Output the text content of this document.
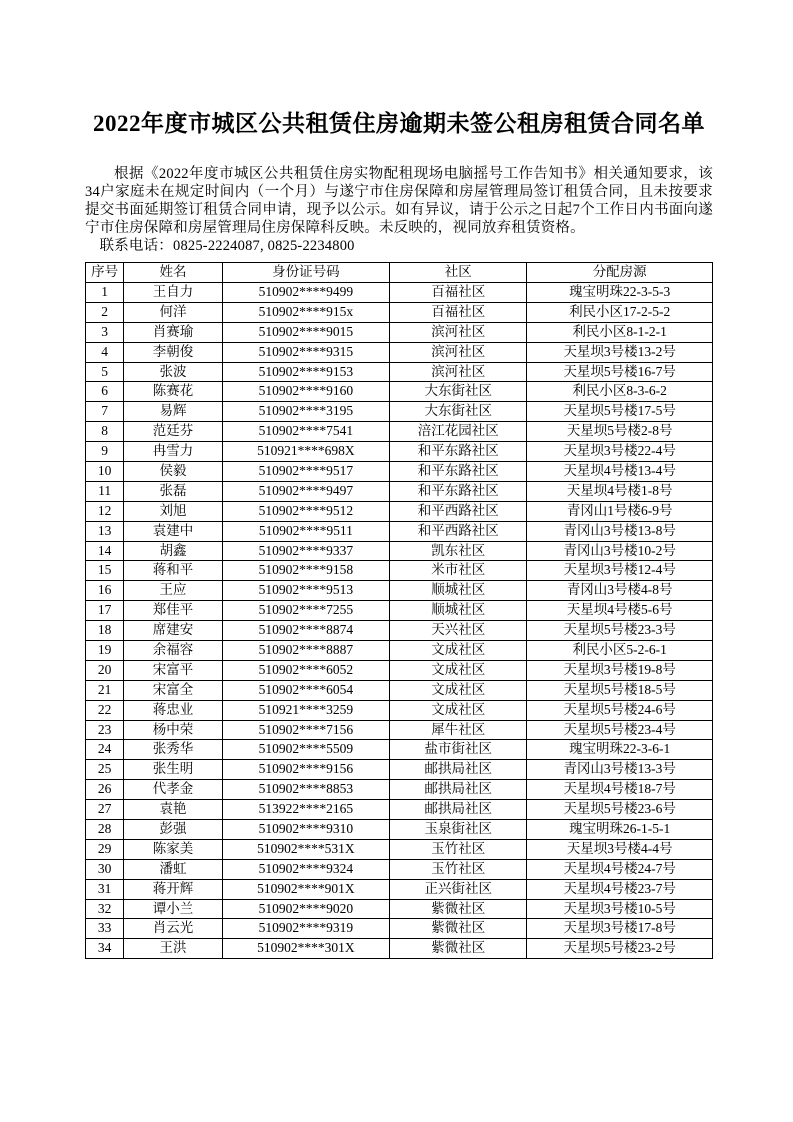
2022年度市城区公共租赁住房逾期未签公租房租赁合同名单

根据《2022年度市城区公共租赁住房实物配租现场电脑摇号工作告知书》相关通知要求，该34户家庭未在规定时间内（一个月）与遂宁市住房保障和房屋管理局签订租赁合同，且未按要求提交书面延期签订租赁合同申请，现予以公示。如有异议，请于公示之日起7个工作日内书面向遂宁市住房保障和房屋管理局住房保障科反映。未反映的，视同放弃租赁资格。

联系电话：0825-2224087, 0825-2234800

序号	姓名	身份证号码	社区	分配房源
1	王自力	510902****9499	百福社区	瑰宝明珠22-3-5-3
2	何洋	510902****915x	百福社区	利民小区17-2-5-2
3	肖赛瑜	510902****9015	滨河社区	利民小区8-1-2-1
4	李朝俊	510902****9315	滨河社区	天星坝3号楼13-2号
5	张波	510902****9153	滨河社区	天星坝5号楼16-7号
6	陈赛花	510902****9160	大东街社区	利民小区8-3-6-2
7	易辉	510902****3195	大东街社区	天星坝5号楼17-5号
8	范廷芬	510902****7541	涪江花园社区	天星坝5号楼2-8号
9	冉雪力	510921****698X	和平东路社区	天星坝3号楼22-4号
10	侯毅	510902****9517	和平东路社区	天星坝4号楼13-4号
11	张磊	510902****9497	和平东路社区	天星坝4号楼1-8号
12	刘旭	510902****9512	和平西路社区	青冈山1号楼6-9号
13	袁建中	510902****9511	和平西路社区	青冈山3号楼13-8号
14	胡鑫	510902****9337	凯东社区	青冈山3号楼10-2号
15	蒋和平	510902****9158	米市社区	天星坝3号楼12-4号
16	王应	510902****9513	顺城社区	青冈山3号楼4-8号
17	郑佳平	510902****7255	顺城社区	天星坝4号楼5-6号
18	席建安	510902****8874	天兴社区	天星坝5号楼23-3号
19	余福容	510902****8887	文成社区	利民小区5-2-6-1
20	宋富平	510902****6052	文成社区	天星坝3号楼19-8号
21	宋富全	510902****6054	文成社区	天星坝5号楼18-5号
22	蒋忠业	510921****3259	文成社区	天星坝5号楼24-6号
23	杨中荣	510902****7156	犀牛社区	天星坝5号楼23-4号
24	张秀华	510902****5509	盐市街社区	瑰宝明珠22-3-6-1
25	张生明	510902****9156	邮拱局社区	青冈山3号楼13-3号
26	代孝金	510902****8853	邮拱局社区	天星坝4号楼18-7号
27	袁艳	513922****2165	邮拱局社区	天星坝5号楼23-6号
28	彭强	510902****9310	玉泉街社区	瑰宝明珠26-1-5-1
29	陈家美	510902****531X	玉竹社区	天星坝3号楼4-4号
30	潘虹	510902****9324	玉竹社区	天星坝4号楼24-7号
31	蒋开辉	510902****901X	正兴街社区	天星坝4号楼23-7号
32	谭小兰	510902****9020	紫微社区	天星坝3号楼10-5号
33	肖云光	510902****9319	紫微社区	天星坝3号楼17-8号
34	王洪	510902****301X	紫微社区	天星坝5号楼23-2号
